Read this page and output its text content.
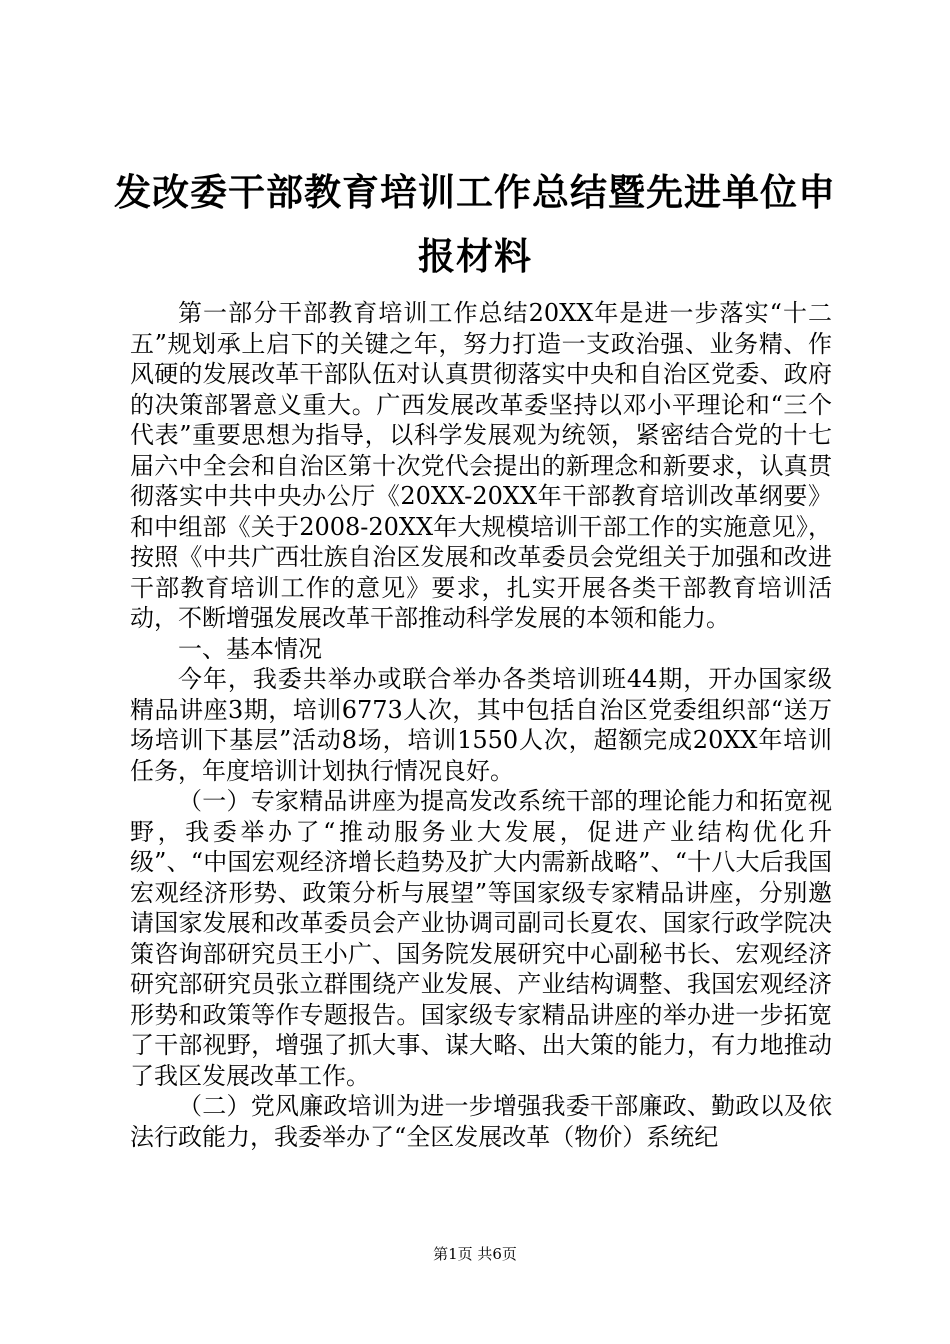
发改委干部教育培训工作总结暨先进单位申报材料

第一部分干部教育培训工作总结20XX年是进一步落实“十二五”规划承上启下的关键之年，努力打造一支政治强、业务精、作风硬的发展改革干部队伍对认真贯彻落实中央和自治区党委、政府的决策部署意义重大。广西发展改革委坚持以邓小平理论和“三个代表”重要思想为指导，以科学发展观为统领，紧密结合党的十七届六中全会和自治区第十次党代会提出的新理念和新要求，认真贯彻落实中共中央办公厅《20XX-20XX年干部教育培训改革纲要》和中组部《关于2008-20XX年大规模培训干部工作的实施意见》，按照《中共广西壮族自治区发展和改革委员会党组关于加强和改进干部教育培训工作的意见》要求，扎实开展各类干部教育培训活动，不断增强发展改革干部推动科学发展的本领和能力。

一、基本情况

今年，我委共举办或联合举办各类培训班44期，开办国家级精品讲座3期，培训6773人次，其中包括自治区党委组织部“送万场培训下基层”活动8场，培训1550人次，超额完成20XX年培训任务，年度培训计划执行情况良好。

（一）专家精品讲座为提高发改系统干部的理论能力和拓宽视野，我委举办了“推动服务业大发展，促进产业结构优化升级”、“中国宏观经济增长趋势及扩大内需新战略”、“十八大后我国宏观经济形势、政策分析与展望”等国家级专家精品讲座，分别邀请国家发展和改革委员会产业协调司副司长夏农、国家行政学院决策咨询部研究员王小广、国务院发展研究中心副秘书长、宏观经济研究部研究员张立群围绕产业发展、产业结构调整、我国宏观经济形势和政策等作专题报告。国家级专家精品讲座的举办进一步拓宽了干部视野，增强了抓大事、谋大略、出大策的能力，有力地推动了我区发展改革工作。

（二）党风廉政培训为进一步增强我委干部廉政、勤政以及依法行政能力，我委举办了“全区发展改革（物价）系统纪

第1页 共6页
